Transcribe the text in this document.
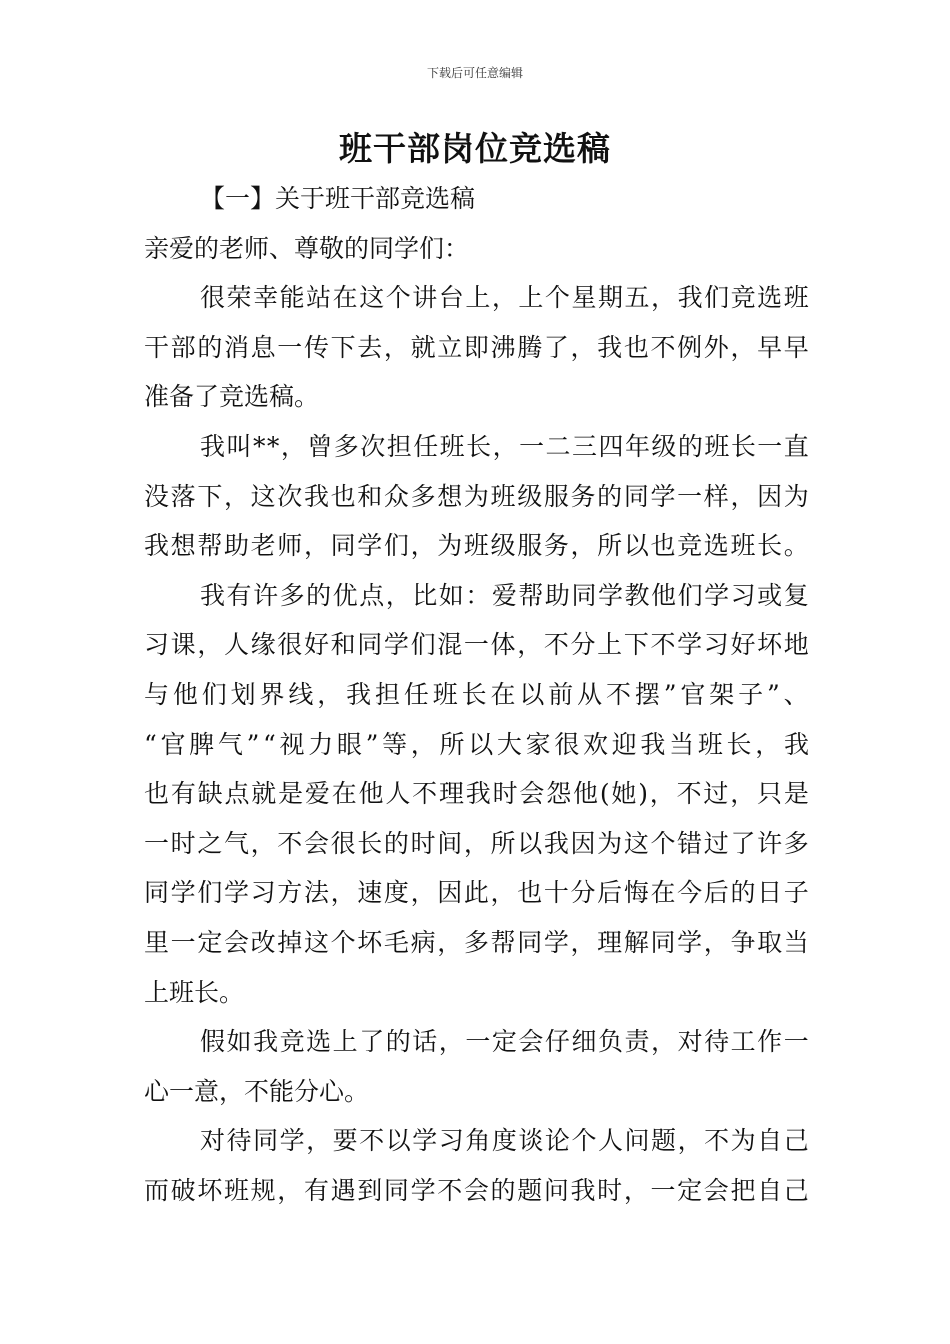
下载后可任意编辑
班干部岗位竞选稿
【一】关于班干部竞选稿
亲爱的老师、尊敬的同学们：
很 荣 幸 能 站 在 这 个 讲 台 上 ， 上 个 星 期 五 ， 我 们 竞 选 班
干 部 的 消 息 一 传 下 去 ， 就 立 即 沸 腾 了 ， 我 也 不 例 外 ， 早 早
准备了竞选稿。
我 叫 * * ， 曾 多 次 担 任 班 长 ， 一 二 三 四 年 级 的 班 长 一 直
没 落 下 ， 这 次 我 也 和 众 多 想 为 班 级 服 务 的 同 学 一 样 ， 因 为
我 想 帮 助 老 师 ， 同 学 们 ， 为 班 级 服 务 ， 所 以 也 竞 选 班 长 。
我 有 许 多 的 优 点 ， 比 如 ： 爱 帮 助 同 学 教 他 们 学 习 或 复
习 课 ， 人 缘 很 好 和 同 学 们 混 一 体 ， 不 分 上 下 不 学 习 好 坏 地
与 他 们 划 界 线 ， 我 担 任 班 长 在 以 前 从 不 摆 ” 官 架 子 ” 、
“ 官 脾 气 ” “ 视 力 眼 ” 等 ， 所 以 大 家 很 欢 迎 我 当 班 长 ， 我
也 有 缺 点 就 是 爱 在 他 人 不 理 我 时 会 怨 他 ( 她 ) ， 不 过 ， 只 是
一 时 之 气 ， 不 会 很 长 的 时 间 ， 所 以 我 因 为 这 个 错 过 了 许 多
同 学 们 学 习 方 法 ， 速 度 ， 因 此 ， 也 十 分 后 悔 在 今 后 的 日 子
里 一 定 会 改 掉 这 个 坏 毛 病 ， 多 帮 同 学 ， 理 解 同 学 ， 争 取 当
上班长。
假 如 我 竞 选 上 了 的 话 ， 一 定 会 仔 细 负 责 ， 对 待 工 作 一
心一意，不能分心。
对 待 同 学 ， 要 不 以 学 习 角 度 谈 论 个 人 问 题 ， 不 为 自 己
而 破 坏 班 规 ， 有 遇 到 同 学 不 会 的 题 问 我 时 ， 一 定 会 把 自 己
